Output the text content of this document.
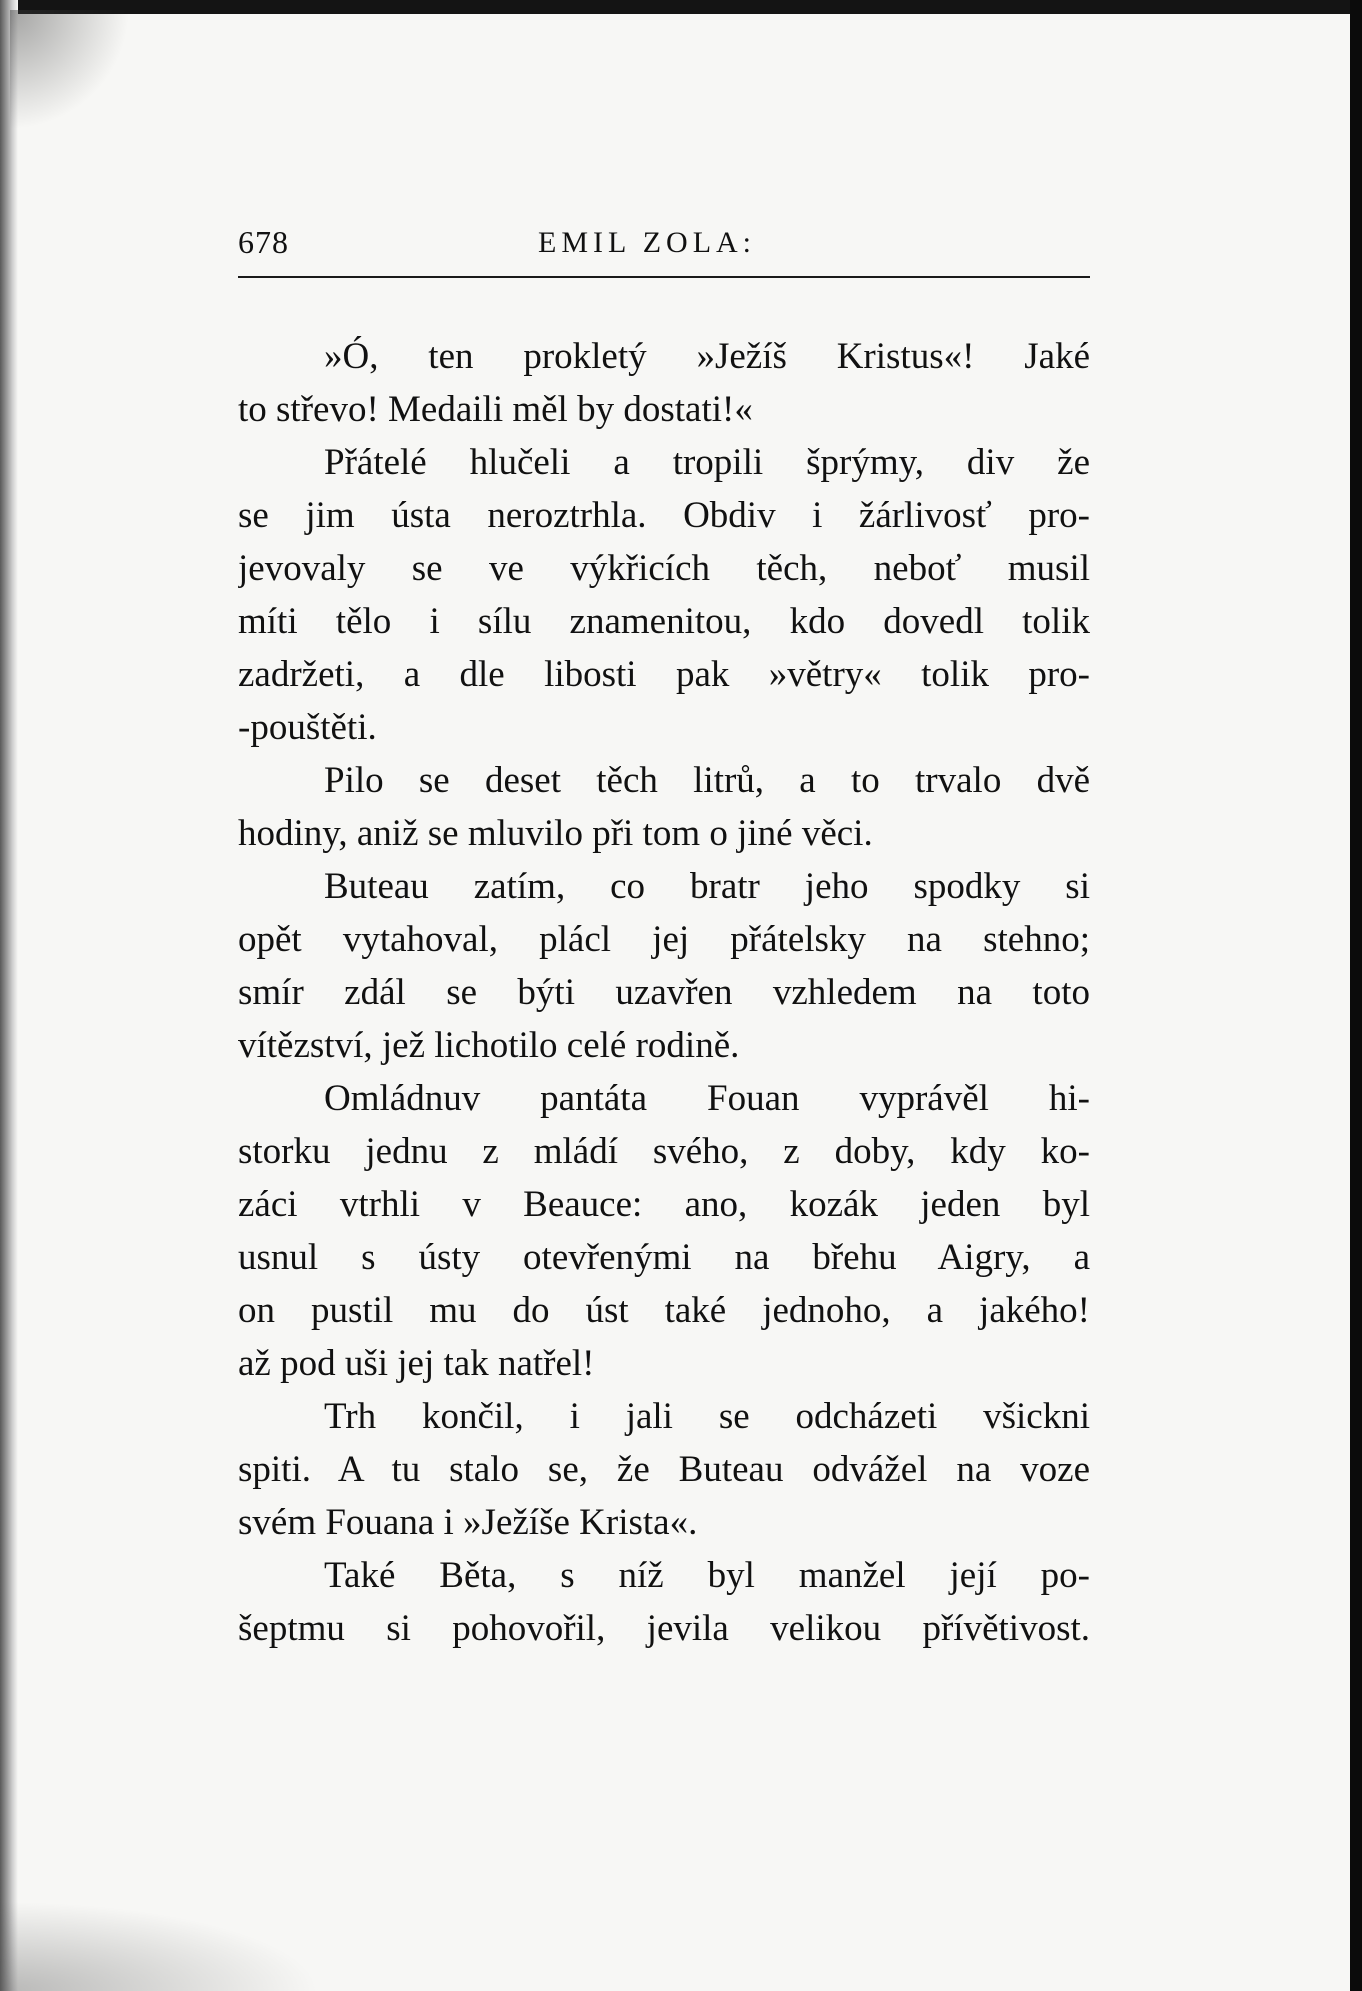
678	EMIL ZOLA:
»Ó, ten prokletý »Ježíš Kristus«! Jaké
to střevo! Medaili měl by dostati!«
Přátelé hlučeli a tropili šprýmy, div že
se jim ústa neroztrhla. Obdiv i žárlivosť pro-
jevovaly se ve výkřicích těch, neboť musil
míti tělo i sílu znamenitou, kdo dovedl tolik
zadržeti, a dle libosti pak »větry« tolik pro-
-pouštěti.
Pilo se deset těch litrů, a to trvalo dvě
hodiny, aniž se mluvilo při tom o jiné věci.
Buteau zatím, co bratr jeho spodky si
opět vytahoval, plácl jej přátelsky na stehno;
smír zdál se býti uzavřen vzhledem na toto
vítězství, jež lichotilo celé rodině.
Omládnuv pantáta Fouan vyprávěl hi-
storku jednu z mládí svého, z doby, kdy ko-
záci vtrhli v Beauce: ano, kozák jeden byl
usnul s ústy otevřenými na břehu Aigry, a
on pustil mu do úst také jednoho, a jakého!
až pod uši jej tak natřel!
Trh končil, i jali se odcházeti všickni
spiti. A tu stalo se, že Buteau odvážel na voze
svém Fouana i »Ježíše Krista«.
Také Běta, s níž byl manžel její po-
šeptmu si pohovořil, jevila velikou přívětivost.
